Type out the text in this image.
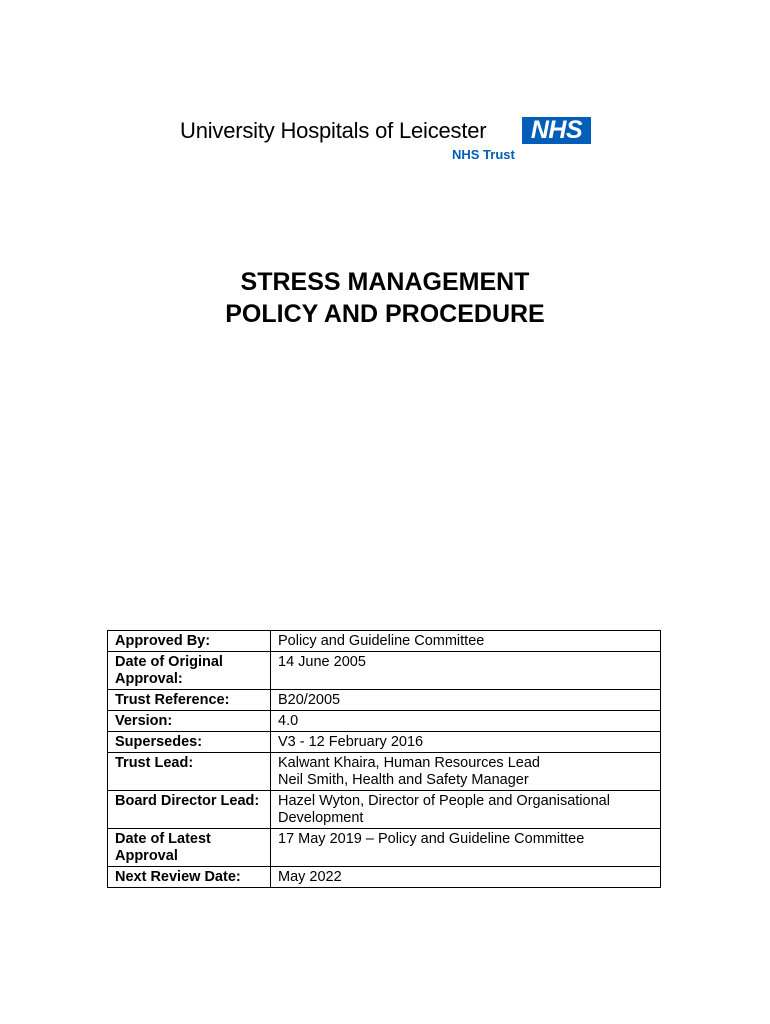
University Hospitals of Leicester	NHS
NHS Trust
STRESS MANAGEMENT
POLICY AND PROCEDURE
Approved By:	Policy and Guideline Committee

Date of Original Approval:	14 June 2005

Trust Reference:	B20/2005

Version:	4.0

Supersedes:	V3 - 12 February 2016

Trust Lead:	Kalwant Khaira, Human Resources Lead
Neil Smith, Health and Safety Manager

Board Director Lead:	Hazel Wyton, Director of People and Organisational Development

Date of Latest Approval	17 May 2019 – Policy and Guideline Committee

Next Review Date:	May 2022
